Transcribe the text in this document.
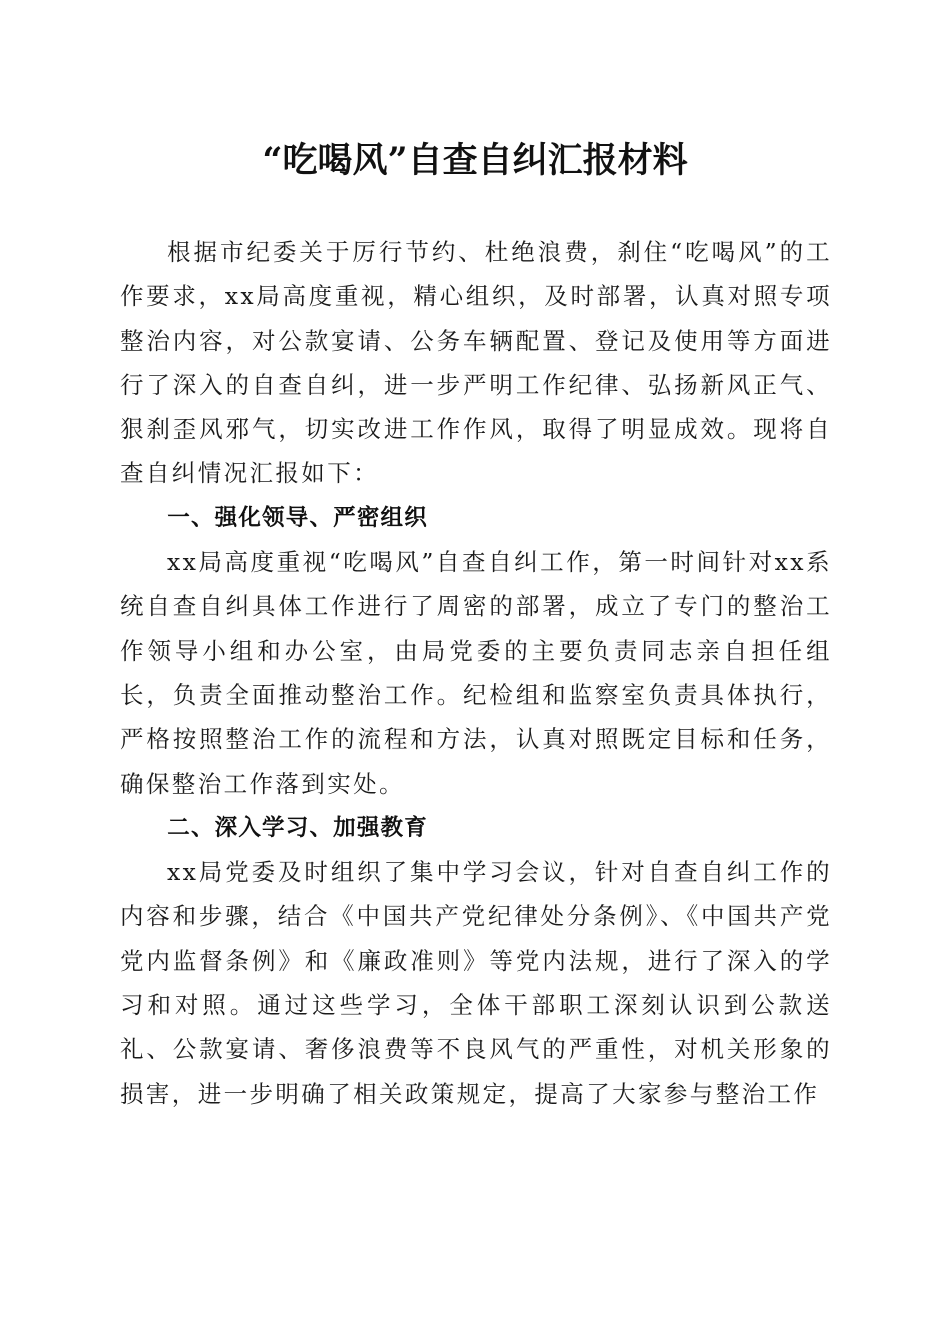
“吃喝风”自查自纠汇报材料

根据市纪委关于厉行节约、杜绝浪费，刹住“吃喝风”的工作要求，xx局高度重视，精心组织，及时部署，认真对照专项整治内容，对公款宴请、公务车辆配置、登记及使用等方面进行了深入的自查自纠，进一步严明工作纪律、弘扬新风正气、狠刹歪风邪气，切实改进工作作风，取得了明显成效。现将自查自纠情况汇报如下：

一、强化领导、严密组织

xx局高度重视“吃喝风”自查自纠工作，第一时间针对xx系统自查自纠具体工作进行了周密的部署，成立了专门的整治工作领导小组和办公室，由局党委的主要负责同志亲自担任组长，负责全面推动整治工作。纪检组和监察室负责具体执行，严格按照整治工作的流程和方法，认真对照既定目标和任务，确保整治工作落到实处。

二、深入学习、加强教育

xx局党委及时组织了集中学习会议，针对自查自纠工作的内容和步骤，结合《中国共产党纪律处分条例》、《中国共产党党内监督条例》和《廉政准则》等党内法规，进行了深入的学习和对照。通过这些学习，全体干部职工深刻认识到公款送礼、公款宴请、奢侈浪费等不良风气的严重性，对机关形象的损害，进一步明确了相关政策规定，提高了大家参与整治工作
